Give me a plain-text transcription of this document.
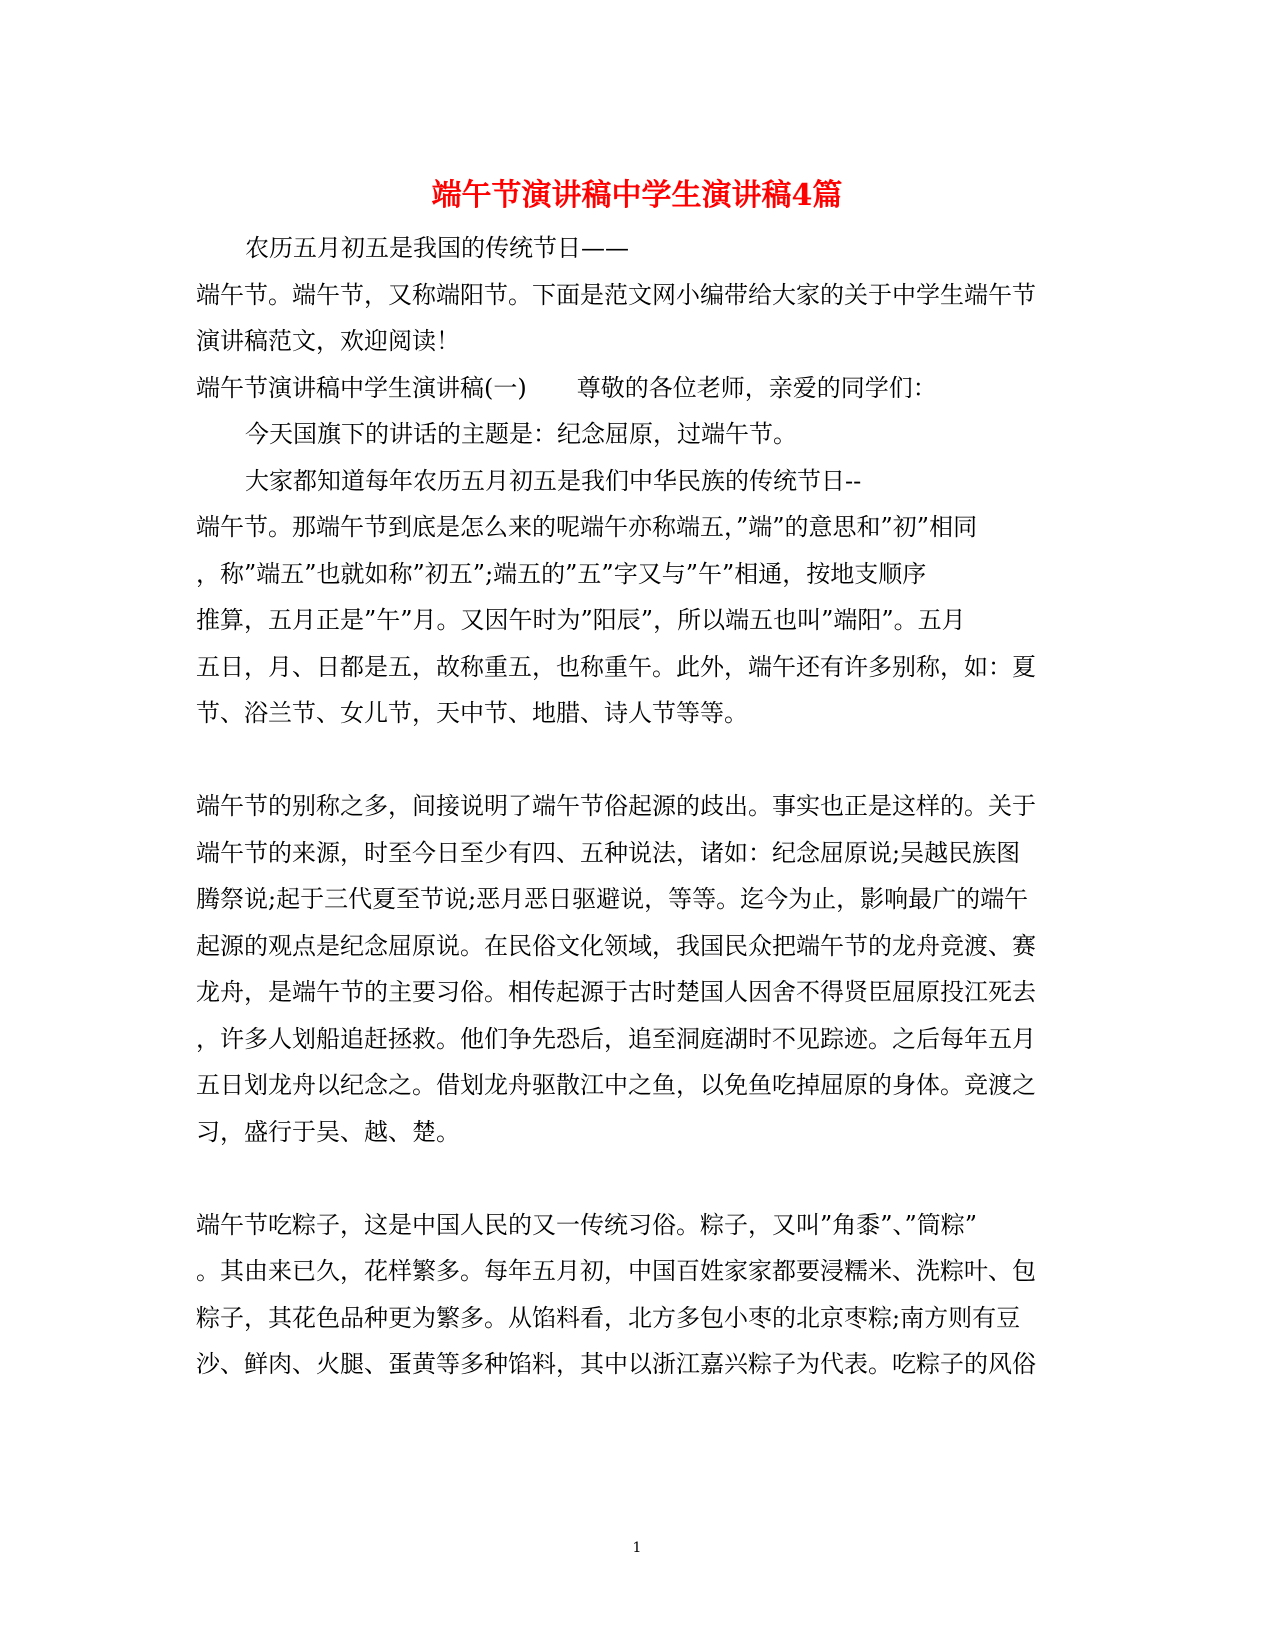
端午节演讲稿中学生演讲稿4篇
农历五月初五是我国的传统节日——
端午节。端午节，又称端阳节。下面是范文网小编带给大家的关于中学生端午节
演讲稿范文，欢迎阅读！
端午节演讲稿中学生演讲稿(一) 尊敬的各位老师，亲爱的同学们：
今天国旗下的讲话的主题是：纪念屈原，过端午节。
大家都知道每年农历五月初五是我们中华民族的传统节日--
端午节。那端午节到底是怎么来的呢端午亦称端五，”端”的意思和”初”相同
，称”端五”也就如称”初五”;端五的”五”字又与”午”相通，按地支顺序
推算，五月正是”午”月。又因午时为”阳辰”，所以端五也叫”端阳”。五月
五日，月、日都是五，故称重五，也称重午。此外，端午还有许多别称，如：夏
节、浴兰节、女儿节，天中节、地腊、诗人节等等。
端午节的别称之多，间接说明了端午节俗起源的歧出。事实也正是这样的。关于
端午节的来源，时至今日至少有四、五种说法，诸如：纪念屈原说;吴越民族图
腾祭说;起于三代夏至节说;恶月恶日驱避说，等等。迄今为止，影响最广的端午
起源的观点是纪念屈原说。在民俗文化领域，我国民众把端午节的龙舟竞渡、赛
龙舟，是端午节的主要习俗。相传起源于古时楚国人因舍不得贤臣屈原投江死去
，许多人划船追赶拯救。他们争先恐后，追至洞庭湖时不见踪迹。之后每年五月
五日划龙舟以纪念之。借划龙舟驱散江中之鱼，以免鱼吃掉屈原的身体。竞渡之
习，盛行于吴、越、楚。
端午节吃粽子，这是中国人民的又一传统习俗。粽子，又叫”角黍”、”筒粽”
。其由来已久，花样繁多。每年五月初，中国百姓家家都要浸糯米、洗粽叶、包
粽子，其花色品种更为繁多。从馅料看，北方多包小枣的北京枣粽;南方则有豆
沙、鲜肉、火腿、蛋黄等多种馅料，其中以浙江嘉兴粽子为代表。吃粽子的风俗
1
